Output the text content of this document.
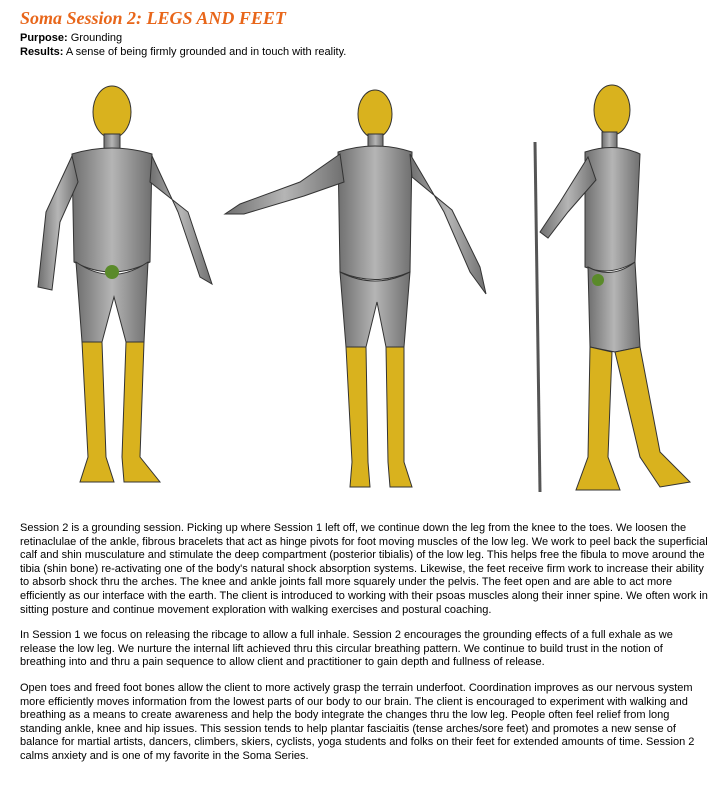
Soma Session 2: LEGS AND FEET
Purpose: Grounding
Results: A sense of being firmly grounded and in touch with reality.

Session 2 is a grounding session. Picking up where Session 1 left off, we continue down the leg from the knee to the toes. We loosen the retinaclulae of the ankle, fibrous bracelets that act as hinge pivots for foot moving muscles of the low leg. We work to peel back the superficial calf and shin musculature and stimulate the deep compartment (posterior tibialis) of the low leg. This helps free the fibula to move around the tibia (shin bone) re-activating one of the body's natural shock absorption systems. Likewise, the feet receive firm work to increase their ability to absorb shock thru the arches. The knee and ankle joints fall more squarely under the pelvis. The feet open and are able to act more efficiently as our interface with the earth. The client is introduced to working with their psoas muscles along their inner spine. We often work in sitting posture and continue movement exploration with walking exercises and postural coaching.

In Session 1 we focus on releasing the ribcage to allow a full inhale. Session 2 encourages the grounding effects of a full exhale as we release the low leg. We nurture the internal lift achieved thru this circular breathing pattern. We continue to build trust in the notion of breathing into and thru a pain sequence to allow client and practitioner to gain depth and fullness of release.

Open toes and freed foot bones allow the client to more actively grasp the terrain underfoot. Coordination improves as our nervous system more efficiently moves information from the lowest parts of our body to our brain. The client is encouraged to experiment with walking and breathing as a means to create awareness and help the body integrate the changes thru the low leg. People often feel relief from long standing ankle, knee and hip issues. This session tends to help plantar fasciaitis (tense arches/sore feet) and promotes a new sense of balance for martial artists, dancers, climbers, skiers, cyclists, yoga students and folks on their feet for extended amounts of time. Session 2 calms anxiety and is one of my favorite in the Soma Series.
